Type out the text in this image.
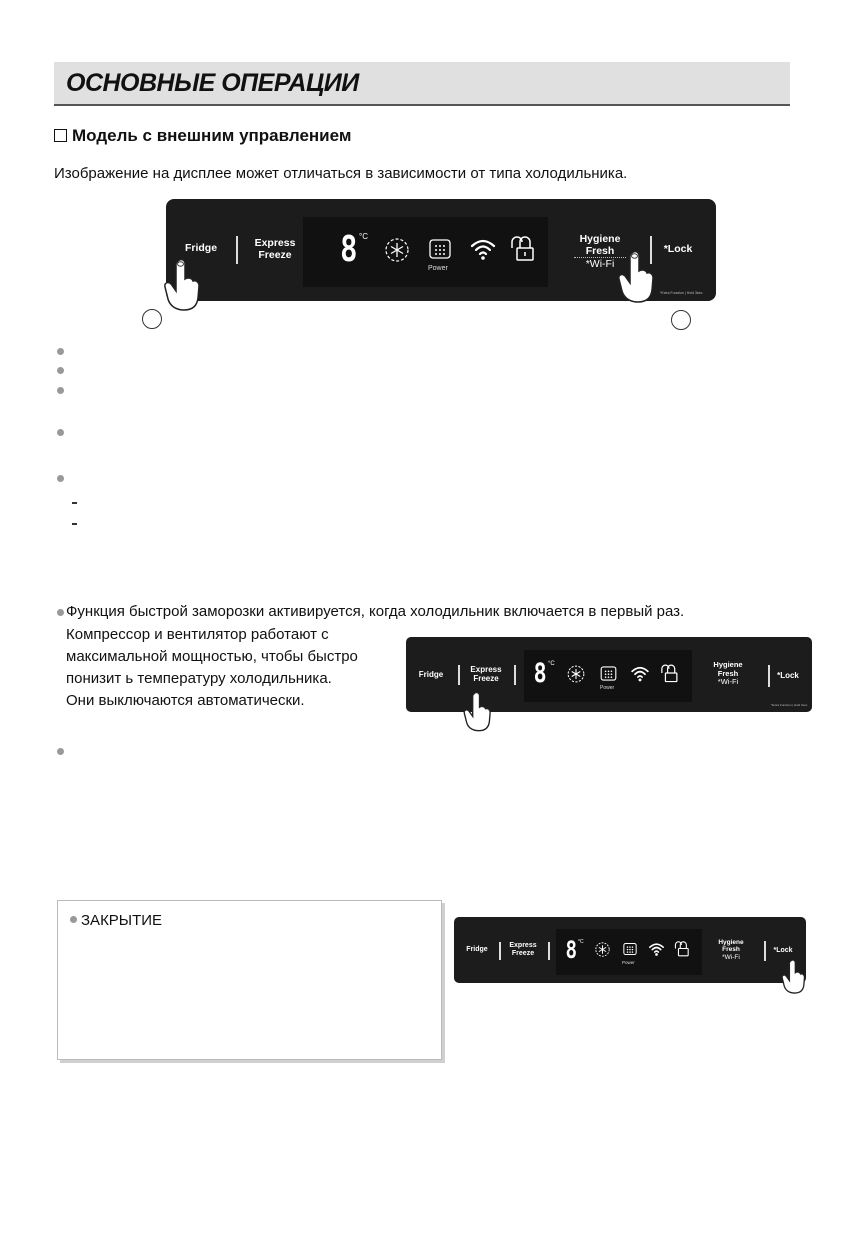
ОСНОВНЫЕ ОПЕРАЦИИ
Модель с внешним управлением
Изображение на дисплее может отличаться в зависимости от типа холодильника.
Fridge	Express
Freeze 8 °C
Power
Hygiene
Fresh
*Wi-Fi
*Lock
*Extra Function | Hold 3sec.
Функция быстрой заморозки активируется, когда холодильник включается в первый раз.
Компрессор и вентилятор работают с
максимальной мощностью, чтобы быстро
понизит ь температуру холодильника.
Они выключаются автоматически.
Fridge
Express
Freeze	8 °C
Power
Hygiene
Fresh
*Wi-Fi
*Lock
*Extra Function | Hold 3sec.
ЗАКРЫТИЕ
Fridge
Express
Freeze	8 °C
Power
Hygiene
Fresh
*Wi-Fi
*Lock
